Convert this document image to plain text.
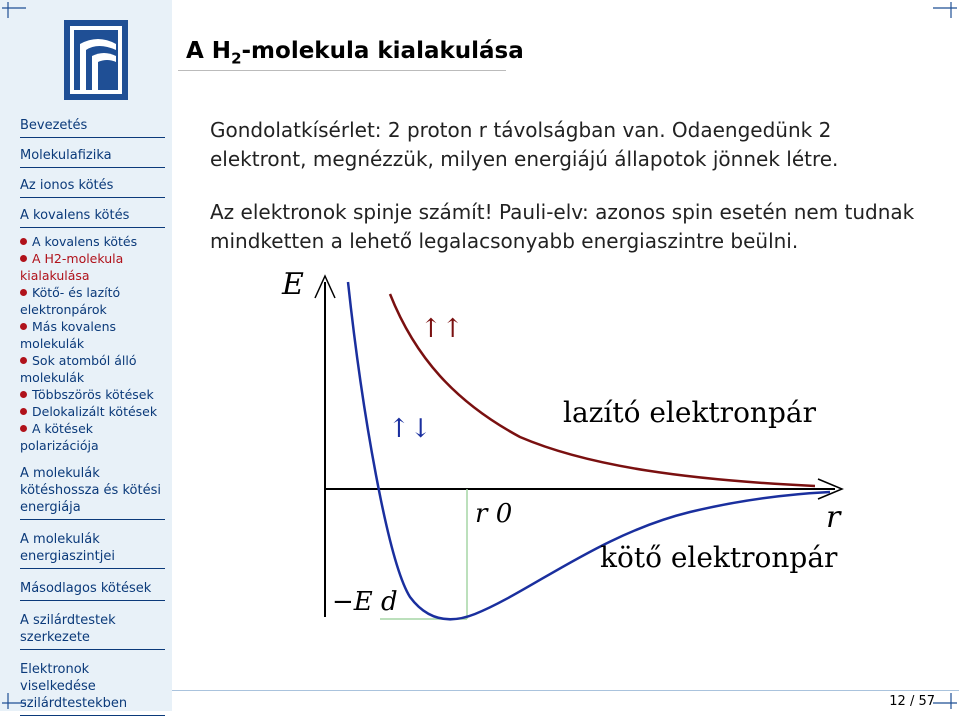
Bevezetés
Molekulafizika
Az ionos kötés
A kovalens kötés
A kovalens kötés
A H2-molekula kialakulása
Kötő- és lazító elektronpárok
Más kovalens molekulák
Sok atomból álló molekulák
Többszörös kötések
Delokalizált kötések
A kötések polarizációja
A molekulák kötéshossza és kötési energiája
A molekulák energiaszintjei
Másodlagos kötések
A szilárdtestek szerkezete
Elektronok viselkedése szilárdtestekben
A $H_2$-molekula kialakulása
Gondolatkísérlet: 2 proton r távolságban van. Odaengedünk 2 elektront, megnézzük, milyen energiájú állapotok jönnek létre.
Az elektronok spinje számít! Pauli-elv: azonos spin esetén nem tudnak mindketten a lehető legalacsonyabb energiaszintre beülni.
E
r
lazító elektronpár
kötő elektronpár
r 0
−E d
↑↑
↑↓
12 / 57
